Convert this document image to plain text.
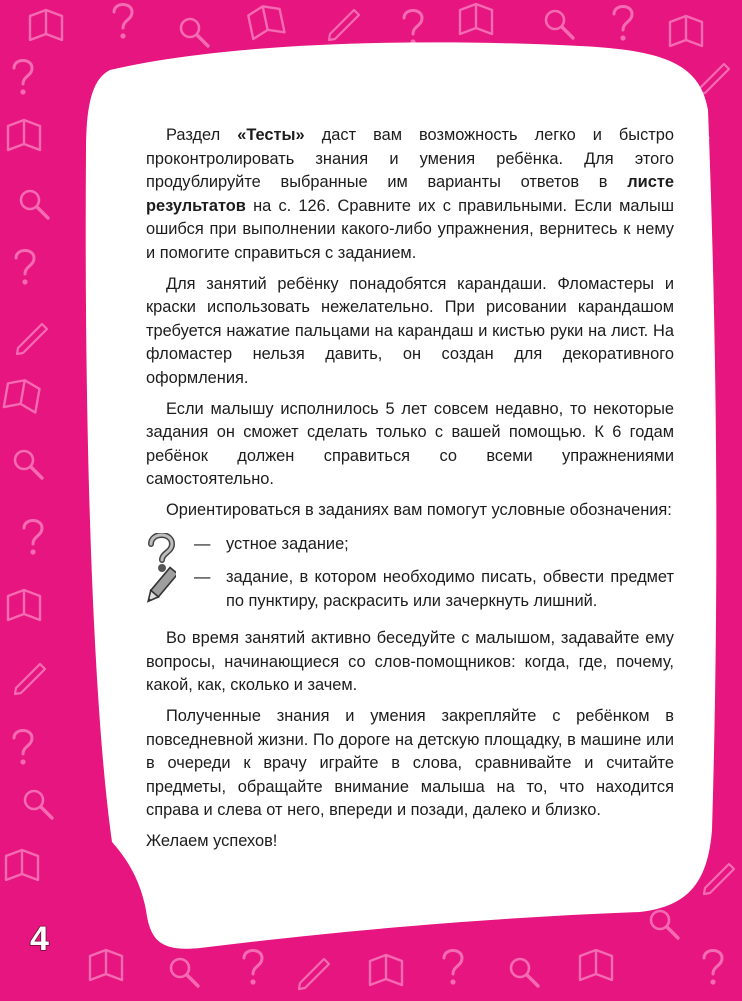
Раздел «Тесты» даст вам возможность легко и быстро проконтролировать знания и умения ребёнка. Для этого продублируйте выбранные им варианты ответов в листе результатов на с. 126. Сравните их с правильными. Если малыш ошибся при выполнении какого-либо упражнения, вернитесь к нему и помогите справиться с заданием.

Для занятий ребёнку понадобятся карандаши. Фломастеры и краски использовать нежелательно. При рисовании карандашом требуется нажатие пальцами на карандаш и кистью руки на лист. На фломастер нельзя давить, он создан для декоративного оформления.

Если малышу исполнилось 5 лет совсем недавно, то некоторые задания он сможет сделать только с вашей помощью. К 6 годам ребёнок должен справиться со всеми упражнениями самостоятельно.

Ориентироваться в заданиях вам помогут условные обозначения:

— устное задание;
— задание, в котором необходимо писать, обвести предмет по пунктиру, раскрасить или зачеркнуть лишний.

Во время занятий активно беседуйте с малышом, задавайте ему вопросы, начинающиеся со слов-помощников: когда, где, почему, какой, как, сколько и зачем.

Полученные знания и умения закрепляйте с ребёнком в повседневной жизни. По дороге на детскую площадку, в машине или в очереди к врачу играйте в слова, сравнивайте и считайте предметы, обращайте внимание малыша на то, что находится справа и слева от него, впереди и позади, далеко и близко.

Желаем успехов!

4
